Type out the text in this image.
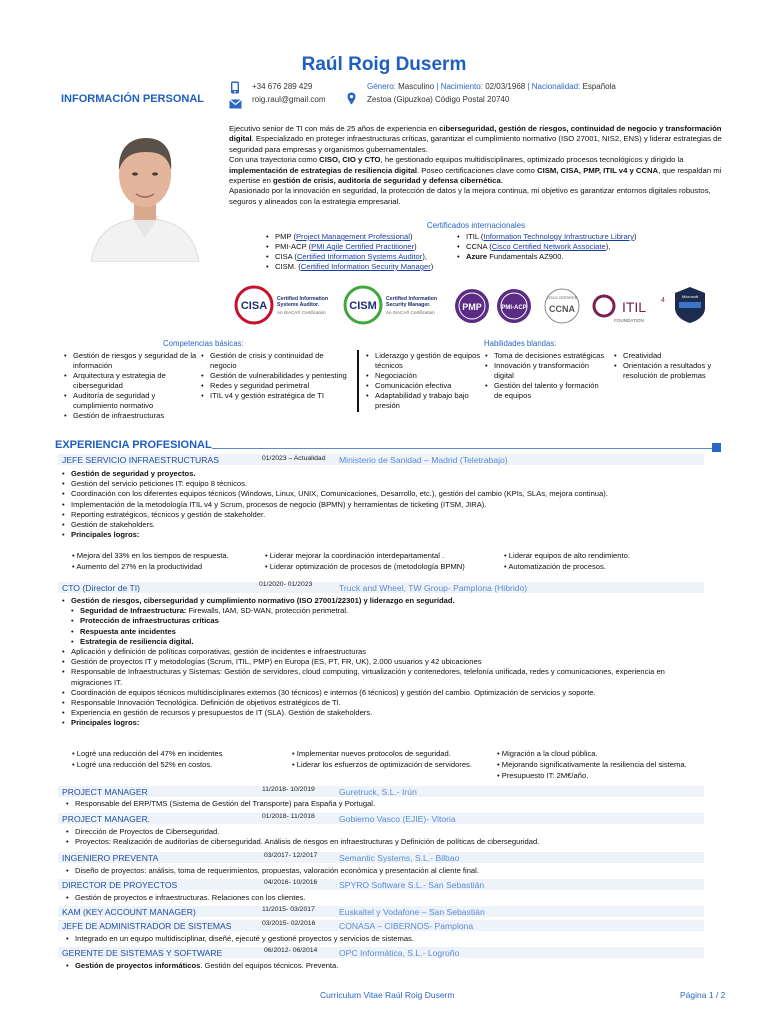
Raúl Roig Duserm
INFORMACIÓN PERSONAL
+34 676 289 429
roig.raul@gmail.com
Género: Masculino | Nacimiento: 02/03/1968 | Nacionalidad: Española
Zestoa (Gipuzkoa) Código Postal 20740
Ejecutivo senior de TI con más de 25 años de experiencia en ciberseguridad, gestión de riesgos, continuidad de negocio y transformación digital. Especializado en proteger infraestructuras críticas, garantizar el cumplimiento normativo (ISO 27001, NIS2, ENS) y liderar estrategias de seguridad para empresas y organismos gubernamentales.
Con una trayectoria como CISO, CIO y CTO, he gestionado equipos multidisciplinares, optimizado procesos tecnológicos y dirigido la implementación de estrategias de resiliencia digital. Poseo certificaciones clave como CISM, CISA, PMP, ITIL v4 y CCNA, que respaldan mi expertise en gestión de crisis, auditoría de seguridad y defensa cibernética.
Apasionado por la innovación en seguridad, la protección de datos y la mejora continua, mi objetivo es garantizar entornos digitales robustos, seguros y alineados con la estrategia empresarial.
Certificados internacionales
• PMP (Project Management Professional)
• PMI-ACP (PMI Agile Certified Practitioner)
• CISA (Certified Information Systems Auditor),
• CISM. (Certified Information Security Manager)
• ITIL (Information Technology Infrastructure Library)
• CCNA (Cisco Certified Network Associate),
• Azure Fundamentals AZ900.
CISA
Certified Information Systems Auditor.
An ISACA® Certification
CISM
Certified Information Security Manager.
An ISACA® Certification
PMP	PMI-ACP
CISCO CERTIFIED
CCNA	ITIL 4
FOUNDATION
Microsoft
Competencias básicas:	Habilidades blandas:
• Gestión de riesgos y seguridad de la información
• Arquitectura y estrategia de ciberseguridad
• Auditoría de seguridad y cumplimiento normativo
• Gestión de infraestructuras
• Gestión de crisis y continuidad de negocio
• Gestión de vulnerabilidades y pentesting
• Redes y seguridad perimetral
• ITIL v4 y gestión estratégica de TI
• Liderazgo y gestión de equipos técnicos
• Negociación
• Comunicación efectiva
• Adaptabilidad y trabajo bajo presión
• Toma de decisiones estratégicas
• Innovación y transformación digital
• Gestión del talento y formación de equipos
• Creatividad
• Orientación a resultados y resolución de problemas
EXPERIENCIA PROFESIONAL
JEFE SERVICIO INFRAESTRUCTURAS	01/2023 – Actualidad Ministerio de Sanidad – Madrid (Teletrabajo)
• Gestión de seguridad y proyectos.
• Gestión del servicio peticiones IT: equipo 8 técnicos.
• Coordinación con los diferentes equipos técnicos (Windows, Linux, UNIX, Comunicaciones, Desarrollo, etc.), gestión del cambio (KPIs, SLAs, mejora continua).
• Implementación de la metodología ITIL v4 y Scrum, procesos de negocio (BPMN) y herramientas de ticketing (ITSM, JIRA).
• Reporting estratégicos, técnicos y gestión de stakeholder.
• Gestión de stakeholders.
• Principales logros:
• Mejora del 33% en los tiempos de respuesta.	• Liderar mejorar la coordinación interdepartamental .	• Liderar equipos de alto rendimiento.
• Aumento del 27% en la productividad	• Liderar optimización de procesos de (metodología BPMN)	• Automatización de procesos.
CTO (Director de TI)	01/2020- 01/2023	Truck and Wheel, TW Group- Pamplona (Hibrido)
• Gestión de riesgos, ciberseguridad y cumplimiento normativo (ISO 27001/22301) y liderazgo en seguridad.
• Seguridad de Infraestructura: Firewalls, IAM, SD-WAN, protección perimetral.
• Protección de infraestructuras críticas
• Respuesta ante incidentes
• Estrategia de resiliencia digital.
• Aplicación y definición de políticas corporativas, gestión de incidentes e infraestructuras
• Gestión de proyectos IT y metodologías (Scrum, ITIL, PMP) en Europa (ES, PT, FR, UK), 2.000 usuarios y 42 ubicaciones
• Responsable de Infraestructuras y Sistemas: Gestión de servidores, cloud computing, virtualización y contenedores, telefonía unificada, redes y comunicaciones, experiencia en migraciones IT.
• Coordinación de equipos técnicos multidisciplinares externos (30 técnicos) e internos (6 técnicos) y gestión del cambio. Optimización de servicios y soporte.
• Responsable Innovación Tecnológica. Definición de objetivos estratégicos de TI.
• Experiencia en gestión de recursos y presupuestos de IT (SLA). Gestión de stakeholders.
• Principales logros:
• Logré una reducción del 47% en incidentes	• Implementar nuevos protocolos de seguridad.	• Migración a la cloud pública.
• Logré una reducción del 52% en costos.	• Liderar los esfuerzos de optimización de servidores.	• Mejorando significativamente la resiliencia del sistema.
• Presupuesto IT: 2M€/año.
PROJECT MANAGER	11/2018- 10/2019	Guretruck, S.L.- Irún
• Responsable del ERP/TMS (Sistema de Gestión del Transporte) para España y Portugal.
PROJECT MANAGER.	01/2018- 11/2018	Gobierno Vasco (EJIE)- Vitoria
• Dirección de Proyectos de Ciberseguridad.
• Proyectos: Realización de auditorías de ciberseguridad. Análisis de riesgos en infraestructuras y Definición de políticas de ciberseguridad.
INGENIERO PREVENTA	03/2017- 12/2017	Semantic Systems, S.L.- Bilbao
• Diseño de proyectos: análisis, toma de requerimientos, propuestas, valoración económica y presentación al cliente final.
DIRECTOR DE PROYECTOS	04/2016- 10/2016	SPYRO Software S.L.- San Sebastián
• Gestión de proyectos e infraestructuras. Relaciones con los clientes.
KAM (KEY ACCOUNT MANAGER)	11/2015- 03/2017	Euskaltel y Vodafone – San Sebastián
JEFE DE ADMINISTRADOR DE SISTEMAS	03/2015- 02/2016	CONASA – CIBERNOS- Pamplona
• Integrado en un equipo multidisciplinar, diseñé, ejecuté y gestioné proyectos y servicios de sistemas.
GERENTE DE SISTEMAS Y SOFTWARE	06/2012- 06/2014	OPC Informática, S.L.- Logroño
• Gestión de proyectos informáticos. Gestión del equipos técnicos. Preventa.
Curriculum Vitae Raúl Roig Duserm	Página 1 / 2
